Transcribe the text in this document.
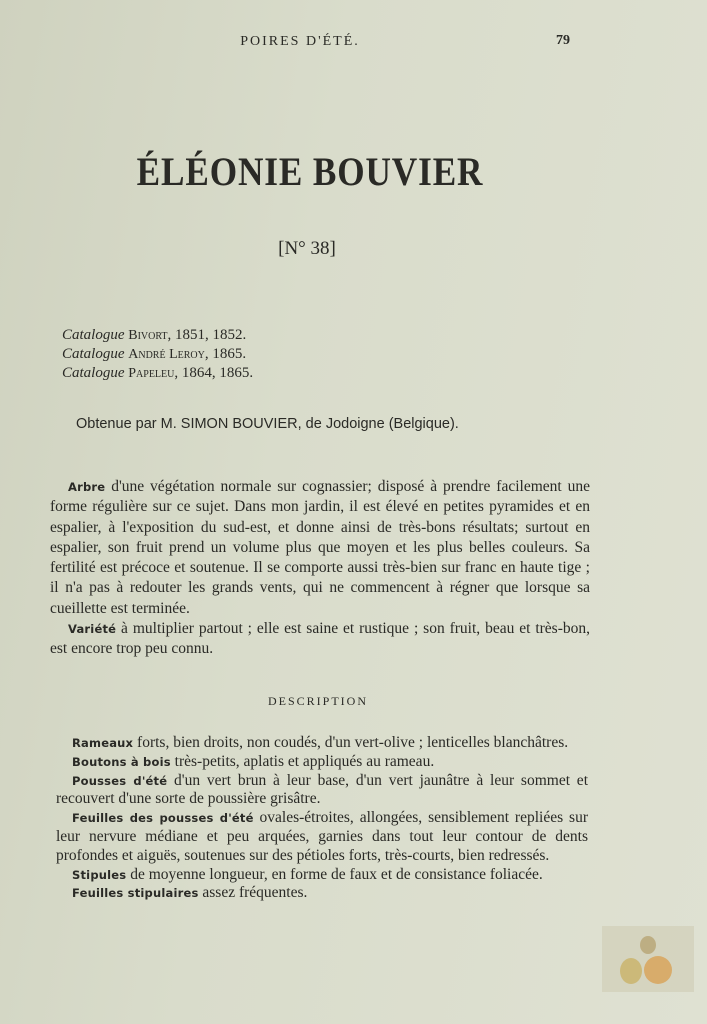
POIRES D'ÉTÉ.	79
ÉLÉONIE BOUVIER
[N° 38]
Catalogue Bivort, 1851, 1852.
Catalogue André Leroy, 1865.
Catalogue Papeleu, 1864, 1865.
Obtenue par M. SIMON BOUVIER, de Jodoigne (Belgique).

Arbre d'une végétation normale sur cognassier; disposé à prendre facilement une forme régulière sur ce sujet. Dans mon jardin, il est élevé en petites pyramides et en espalier, à l'exposition du sud-est, et donne ainsi de très-bons résultats; surtout en espalier, son fruit prend un volume plus que moyen et les plus belles couleurs. Sa fertilité est précoce et soutenue. Il se comporte aussi très-bien sur franc en haute tige ; il n'a pas à redouter les grands vents, qui ne commencent à régner que lorsque sa cueillette est terminée.

Variété à multiplier partout ; elle est saine et rustique ; son fruit, beau et très-bon, est encore trop peu connu.

DESCRIPTION

Rameaux forts, bien droits, non coudés, d'un vert-olive ; lenticelles blanchâtres.

Boutons à bois très-petits, aplatis et appliqués au rameau.

Pousses d'été d'un vert brun à leur base, d'un vert jaunâtre à leur sommet et recouvert d'une sorte de poussière grisâtre.

Feuilles des pousses d'été ovales-étroites, allongées, sensiblement repliées sur leur nervure médiane et peu arquées, garnies dans tout leur contour de dents profondes et aiguës, soutenues sur des pétioles forts, très-courts, bien redressés.

Stipules de moyenne longueur, en forme de faux et de consistance foliacée.

Feuilles stipulaires assez fréquentes.
